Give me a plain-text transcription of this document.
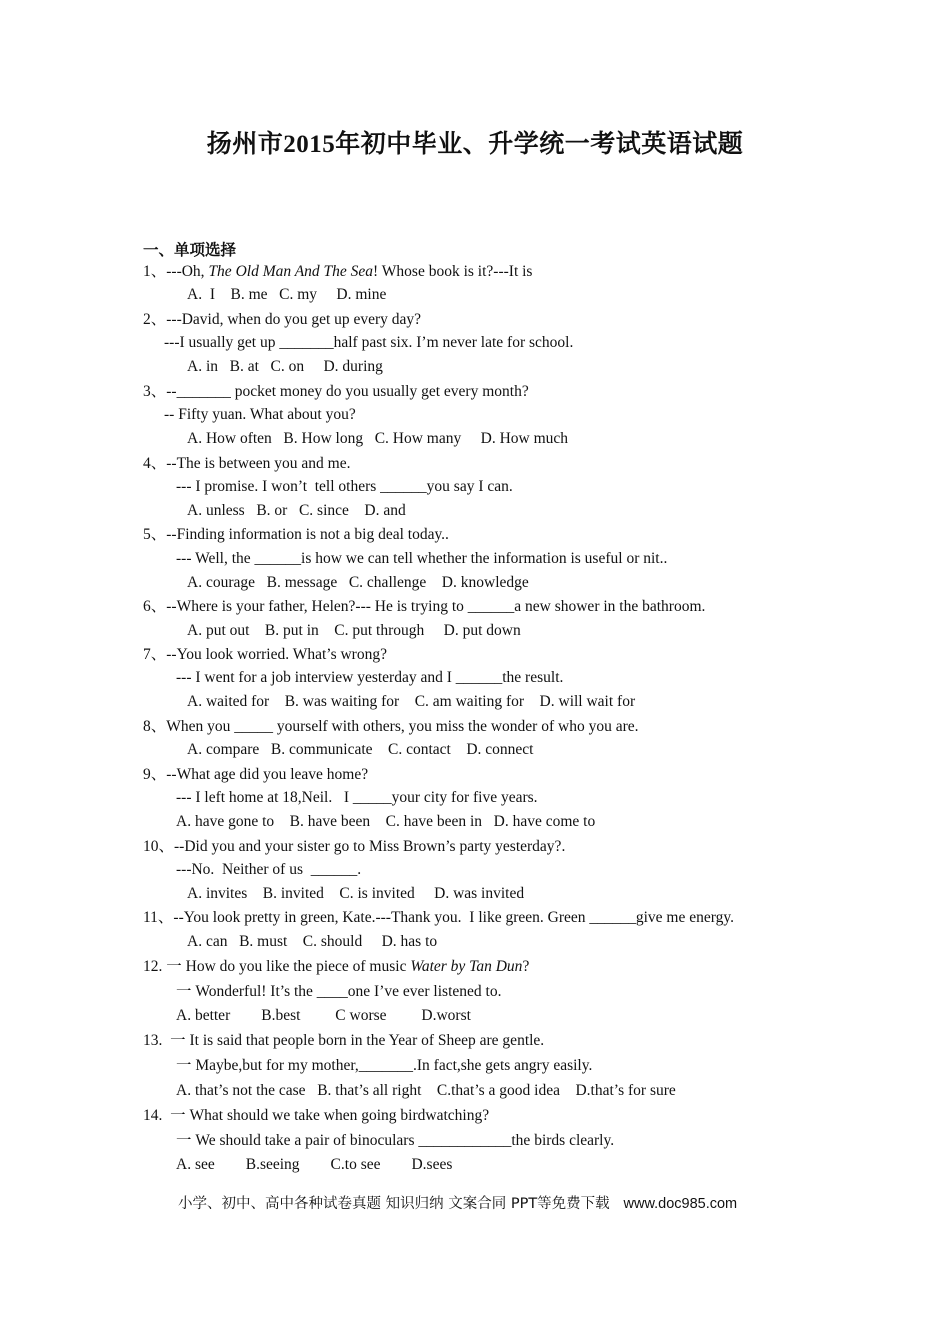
扬州市2015年初中毕业、升学统一考试英语试题
一、单项选择
1、---Oh, The Old Man And The Sea! Whose book is it?---It is
A.  I    B. me   C. my     D. mine
2、---David, when do you get up every day?
---I usually get up _______half past six. I’m never late for school.
A. in   B. at   C. on     D. during
3、--_______ pocket money do you usually get every month?
-- Fifty yuan. What about you?
A. How often   B. How long   C. How many     D. How much
4、--The is between you and me.
--- I promise. I won’t  tell others ______you say I can.
A. unless   B. or   C. since    D. and
5、--Finding information is not a big deal today..
--- Well, the ______is how we can tell whether the information is useful or nit..
A. courage   B. message   C. challenge    D. knowledge
6、--Where is your father, Helen?--- He is trying to ______a new shower in the bathroom.
A. put out    B. put in    C. put through     D. put down
7、--You look worried. What’s wrong?
--- I went for a job interview yesterday and I ______the result.
A. waited for    B. was waiting for    C. am waiting for    D. will wait for
8、When you _____ yourself with others, you miss the wonder of who you are.
A. compare   B. communicate    C. contact    D. connect
9、--What age did you leave home?
--- I left home at 18,Neil.   I _____your city for five years.
A. have gone to    B. have been    C. have been in   D. have come to
10、--Did you and your sister go to Miss Brown’s party yesterday?.
---No.  Neither of us  ______.
A. invites    B. invited    C. is invited     D. was invited
11、--You look pretty in green, Kate.---Thank you.  I like green. Green ______give me energy.
A. can   B. must    C. should     D. has to
12. 一 How do you like the piece of music Water by Tan Dun?
一 Wonderful! It’s the ____one I’ve ever listened to.
A. better        B.best         C worse         D.worst
13.  一 It is said that people born in the Year of Sheep are gentle.
一 Maybe,but for my mother,_______.In fact,she gets angry easily.
A. that’s not the case   B. that’s all right    C.that’s a good idea    D.that’s for sure
14.  一 What should we take when going birdwatching?
一 We should take a pair of binoculars ____________the birds clearly.
A. see        B.seeing        C.to see        D.sees
小学、初中、高中各种试卷真题 知识归纳 文案合同 PPT等免费下载   www.doc985.com
